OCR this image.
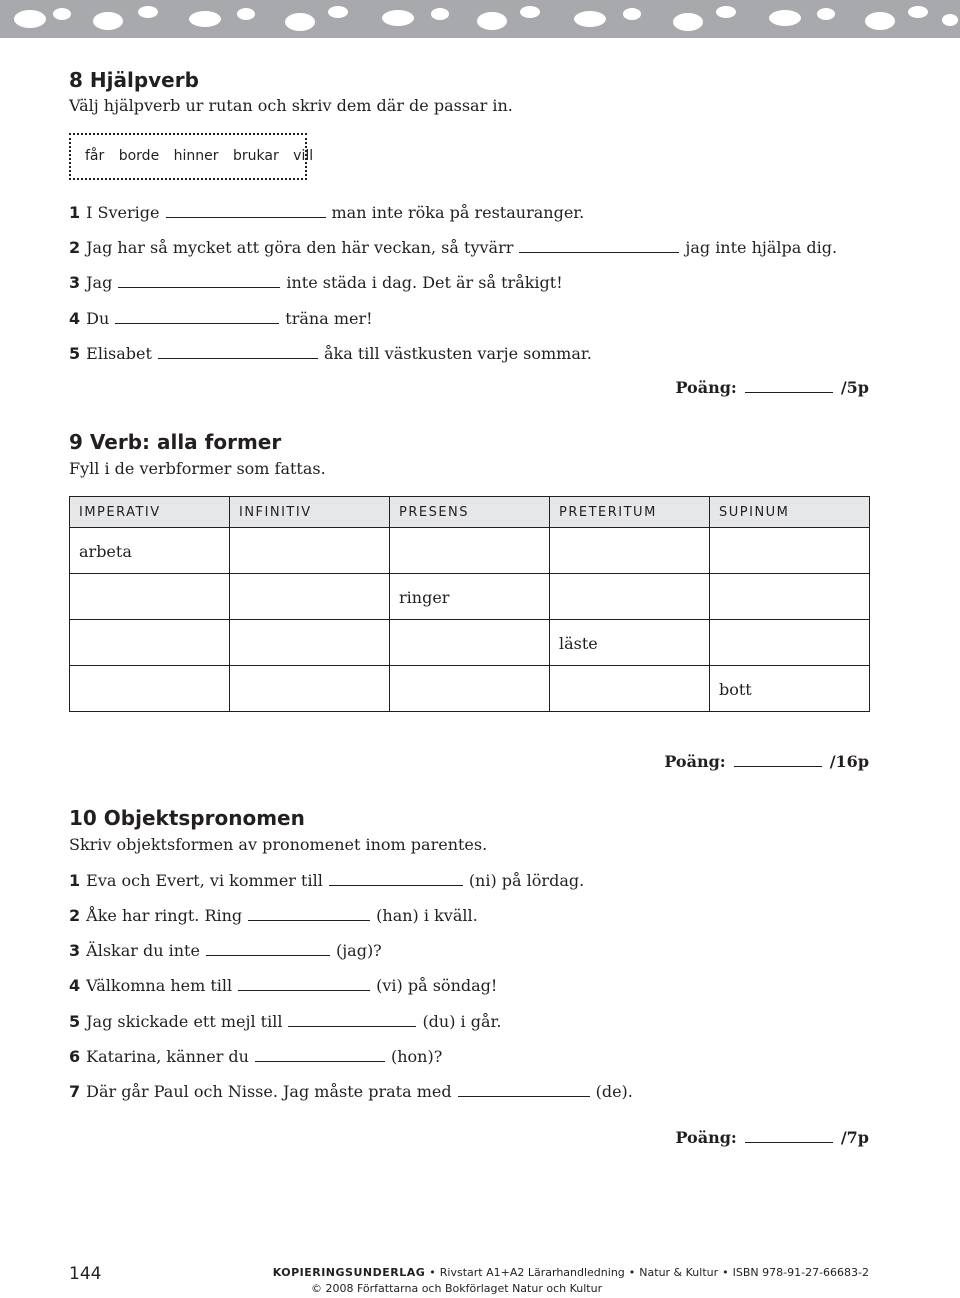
8 Hjälpverb
Välj hjälpverb ur rutan och skriv dem där de passar in.
får borde hinner brukar vill
1 I Sverige	man inte röka på restauranger.
2 Jag har så mycket att göra den här veckan, så tyvärr	jag inte hjälpa dig.
3 Jag	inte städa i dag. Det är så tråkigt!
4 Du	träna mer!
5 Elisabet	åka till västkusten varje sommar.
Poäng:	/5p
9 Verb: alla former
Fyll i de verbformer som fattas.
IMPERATIV	INFINITIV	PRESENS	PRETERITUM	SUPINUM
arbeta				
		ringer		
			läste	
				bott
Poäng:	/16p
10 Objektspronomen
Skriv objektsformen av pronomenet inom parentes.
1 Eva och Evert, vi kommer till	(ni) på lördag.
2 Åke har ringt. Ring	(han) i kväll.
3 Älskar du inte	(jag)?
4 Välkomna hem till	(vi) på söndag!
5 Jag skickade ett mejl till	(du) i går.
6 Katarina, känner du	(hon)?
7 Där går Paul och Nisse. Jag måste prata med	(de).
Poäng:	/7p
144	KOPIERINGSUNDERLAG • Rivstart A1+A2 Lärarhandledning • Natur & Kultur • ISBN 978-91-27-66683-2
© 2008 Författarna och Bokförlaget Natur och Kultur
